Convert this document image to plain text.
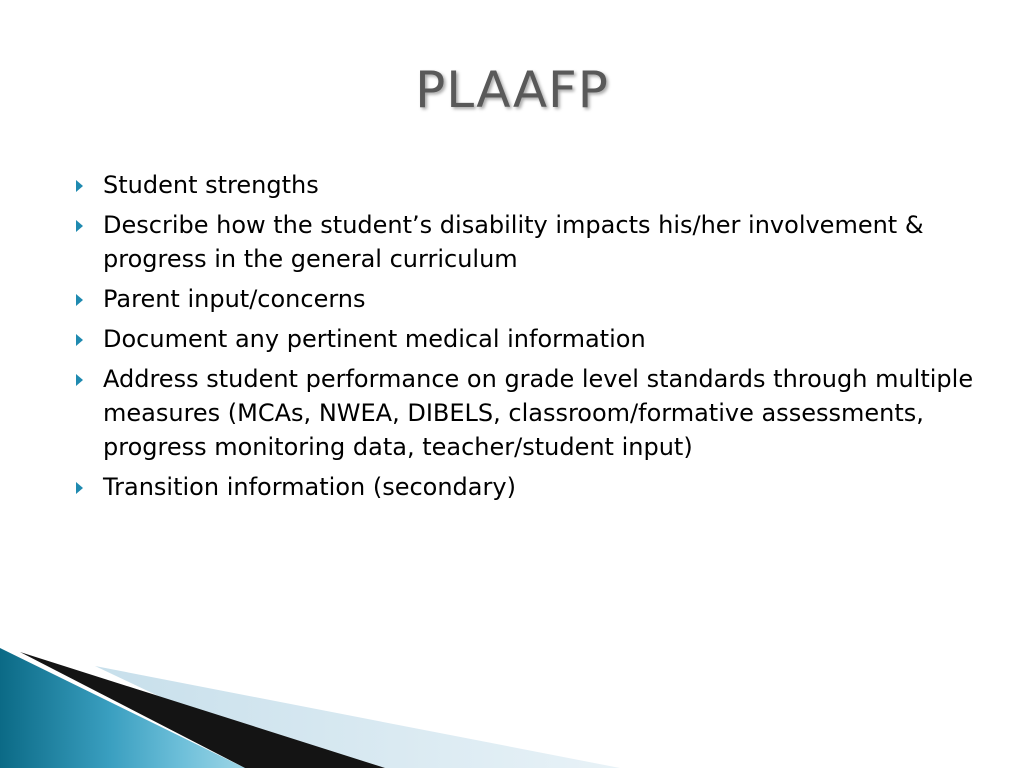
PLAAFP
Student strengths
Describe how the student’s disability impacts his/her involvement & progress in the general curriculum
Parent input/concerns
Document any pertinent medical information
Address student performance on grade level standards through multiple measures (MCAs, NWEA, DIBELS, classroom/formative assessments, progress monitoring data, teacher/student input)
Transition information (secondary)
